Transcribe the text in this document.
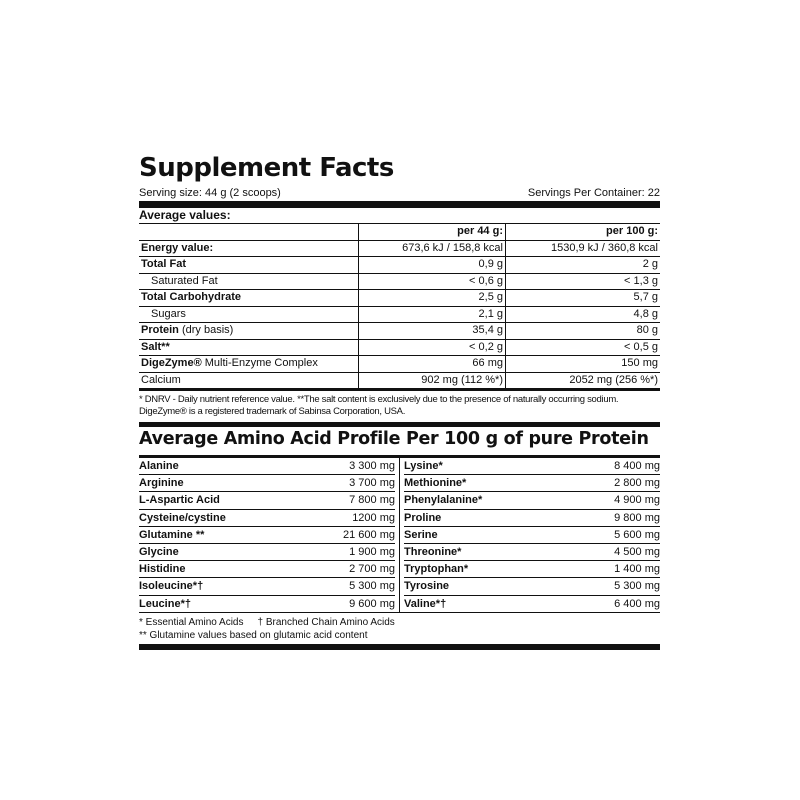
Supplement Facts
Serving size: 44 g (2 scoops)	Servings Per Container: 22
Average values:
	per 44 g:	per 100 g:
Energy value:	673,6 kJ / 158,8 kcal	1530,9 kJ / 360,8 kcal
Total Fat	0,9 g	2 g
Saturated Fat	< 0,6 g	< 1,3 g
Total Carbohydrate	2,5 g	5,7 g
Sugars	2,1 g	4,8 g
Protein (dry basis)	35,4 g	80 g
Salt**	< 0,2 g	< 0,5 g
DigeZyme® Multi-Enzyme Complex	66 mg	150 mg
Calcium	902 mg (112 %*)	2052 mg (256 %*)
* DNRV - Daily nutrient reference value. **The salt content is exclusively due to the presence of naturally occurring sodium.
DigeZyme® is a registered trademark of Sabinsa Corporation, USA.
Average Amino Acid Profile Per 100 g of pure Protein
Alanine	3 300 mg
Arginine	3 700 mg
L-Aspartic Acid	7 800 mg
Cysteine/cystine	1200 mg
Glutamine **	21 600 mg
Glycine	1 900 mg
Histidine	2 700 mg
Isoleucine*†	5 300 mg
Leucine*†	9 600 mg
Lysine*	8 400 mg
Methionine*	2 800 mg
Phenylalanine*	4 900 mg
Proline	9 800 mg
Serine	5 600 mg
Threonine*	4 500 mg
Tryptophan*	1 400 mg
Tyrosine	5 300 mg
Valine*†	6 400 mg
* Essential Amino Acids † Branched Chain Amino Acids
** Glutamine values based on glutamic acid content
